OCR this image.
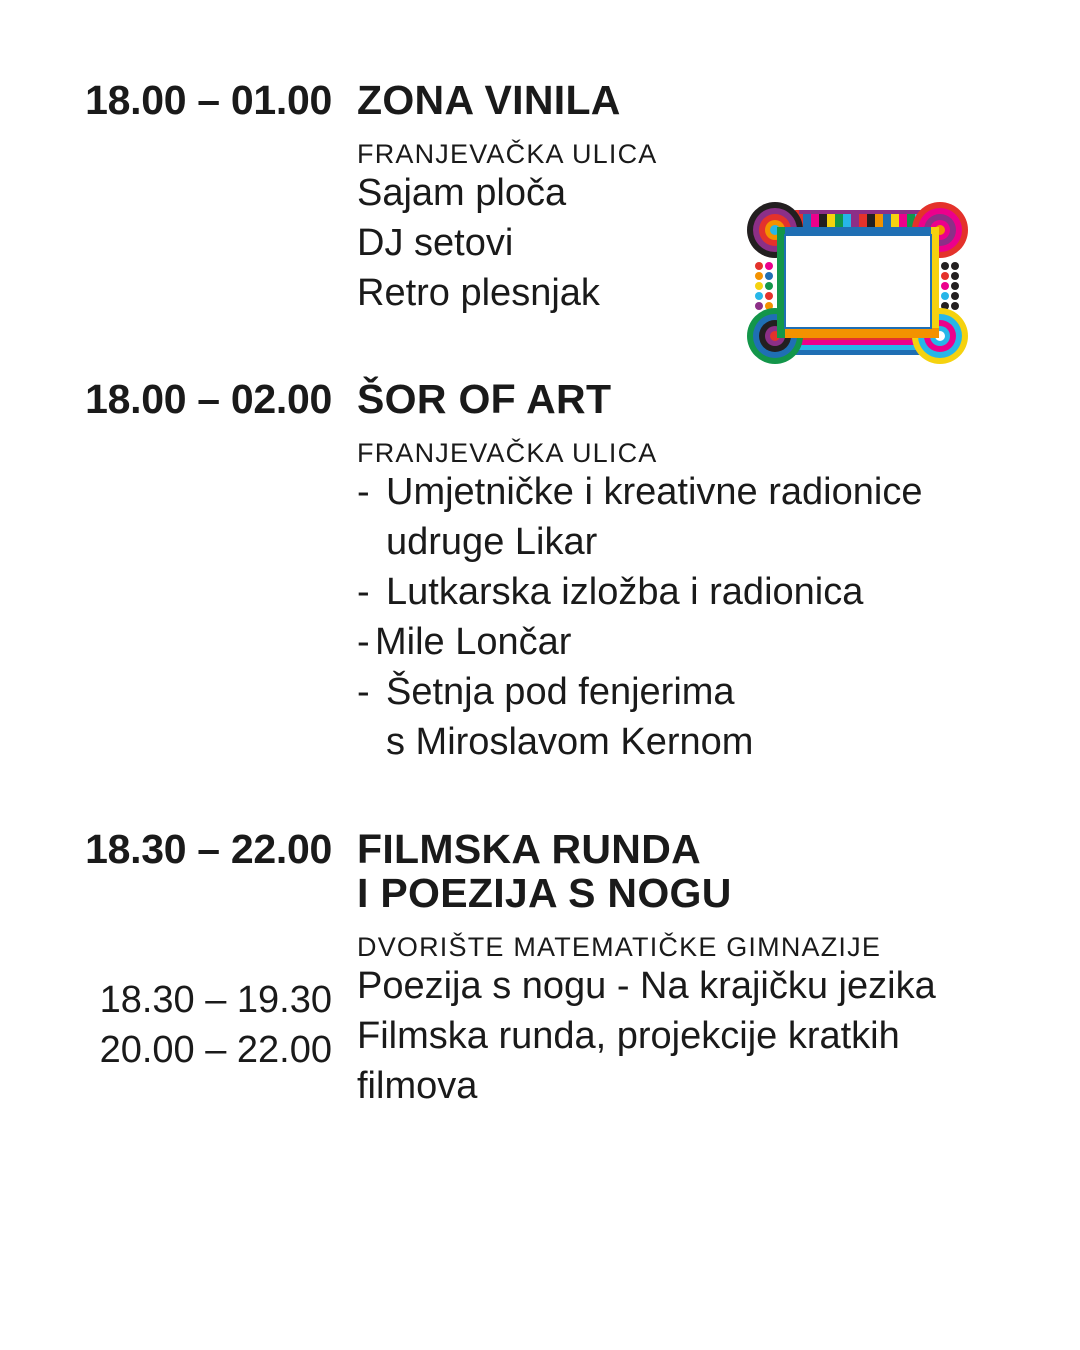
18.00 – 01.00 ZONA VINILA
FRANJEVAČKA ULICA
Sajam ploča
DJ setovi
Retro plesnjak
18.00 – 02.00 ŠOR OF ART
FRANJEVAČKA ULICA
- Umjetničke i kreativne radionice
udruge Likar
- Lutkarska izložba i radionica
- Mile Lončar
- Šetnja pod fenjerima
s Miroslavom Kernom
18.30 – 22.00 FILMSKA RUNDA
I POEZIJA S NOGU
DVORIŠTE MATEMATIČKE GIMNAZIJE
Poezija s nogu - Na krajičku jezika
Filmska runda, projekcije kratkih
filmova
18.30 – 19.30
20.00 – 22.00
